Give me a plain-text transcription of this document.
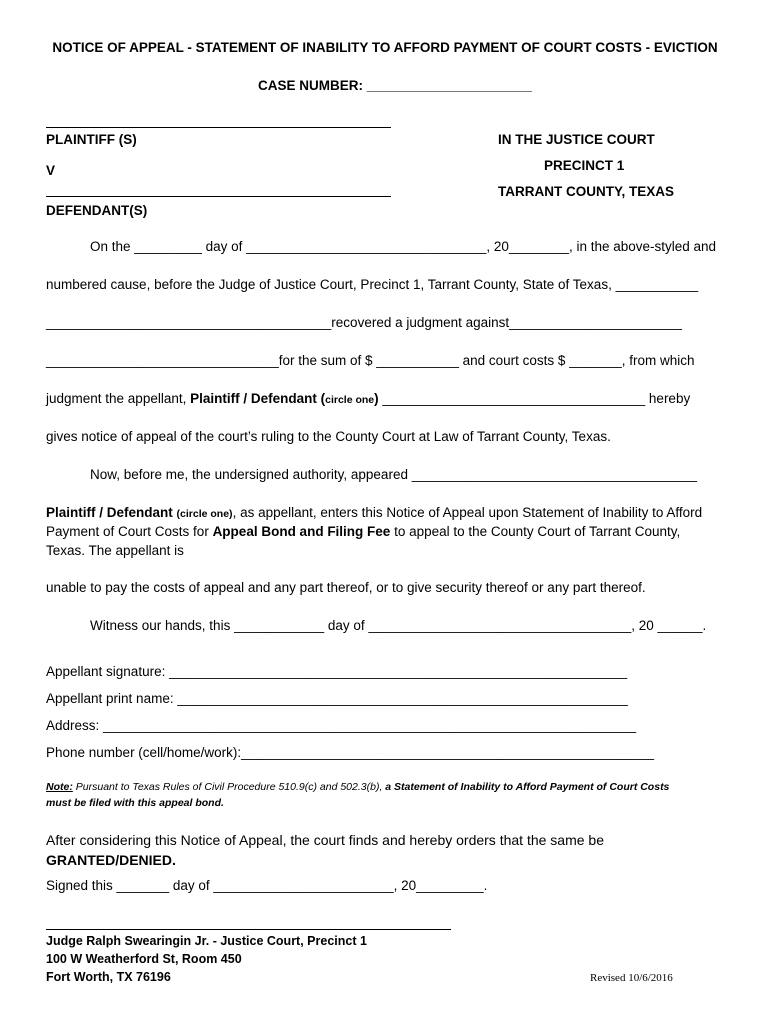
NOTICE OF APPEAL - STATEMENT OF INABILITY TO AFFORD PAYMENT OF COURT COSTS - EVICTION
CASE NUMBER: ______________________
PLAINTIFF (S)
V
DEFENDANT(S)
IN THE JUSTICE COURT
PRECINCT 1
TARRANT COUNTY, TEXAS
On the _________ day of ________________________________, 20________, in the above-styled and
numbered cause, before the Judge of Justice Court, Precinct 1, Tarrant County, State of Texas, ___________
______________________________________recovered a judgment against_______________________
_______________________________for the sum of $ ___________ and court costs $ _______, from which
judgment the appellant, Plaintiff / Defendant (circle one) ___________________________________ hereby
gives notice of appeal of the court’s ruling to the County Court at Law of Tarrant County, Texas.
Now, before me, the undersigned authority, appeared ______________________________________
Plaintiff / Defendant (circle one), as appellant, enters this Notice of Appeal upon Statement of Inability to Afford
Payment of Court Costs for Appeal Bond and Filing Fee to appeal to the County Court of Tarrant County,
Texas. The appellant is
unable to pay the costs of appeal and any part thereof, or to give security thereof or any part thereof.
Witness our hands, this ____________ day of ___________________________________, 20 ______.
Appellant signature: _____________________________________________________________
Appellant print name: ____________________________________________________________
Address: _______________________________________________________________________
Phone number (cell/home/work):_______________________________________________________
Note: Pursuant to Texas Rules of Civil Procedure 510.9(c) and 502.3(b), a Statement of Inability to Afford Payment of Court Costs
must be filed with this appeal bond.
After considering this Notice of Appeal, the court finds and hereby orders that the same be
GRANTED/DENIED.
Signed this _______ day of ________________________, 20_________.
Judge Ralph Swearingin Jr. - Justice Court, Precinct 1
100 W Weatherford St, Room 450
Fort Worth, TX 76196	Revised 10/6/2016
